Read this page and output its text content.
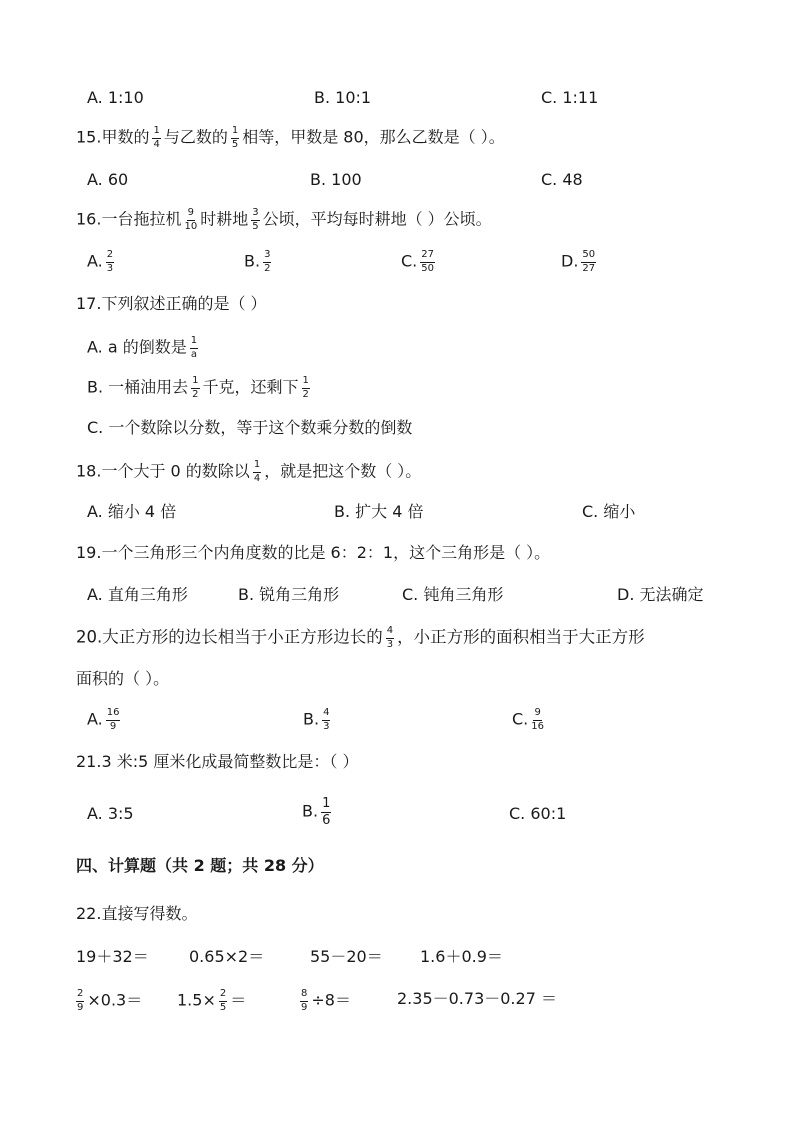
A. 1:10	B. 10:1	C. 1:11
15.甲数的 $\frac{1}{4}$ 与乙数的 $\frac{1}{5}$ 相等，甲数是 80，那么乙数是（ ）。
A. 60	B. 100	C. 48
16.一台拖拉机 $\frac{9}{10}$ 时耕地 $\frac{3}{5}$ 公顷，平均每时耕地（ ）公顷。
A. $\frac{2}{3}$	B. $\frac{3}{2}$	C. $\frac{27}{50}$	D. $\frac{50}{27}$
17.下列叙述正确的是（ ）
A. a 的倒数是 $\frac{1}{a}$
B. 一桶油用去 $\frac{1}{2}$ 千克，还剩下 $\frac{1}{2}$
C. 一个数除以分数，等于这个数乘分数的倒数
18.一个大于 0 的数除以 $\frac{1}{4}$ ，就是把这个数（ ）。
A. 缩小 4 倍	B. 扩大 4 倍	C. 缩小
19.一个三角形三个内角度数的比是 6：2：1，这个三角形是（ ）。
A. 直角三角形	B. 锐角三角形	C. 钝角三角形	D. 无法确定
20.大正方形的边长相当于小正方形边长的 $\frac{4}{3}$ ，小正方形的面积相当于大正方形
面积的（ ）。
A. $\frac{16}{9}$	B. $\frac{4}{3}$	C. $\frac{9}{16}$
21.3 米:5 厘米化成最简整数比是：（ ）
A. 3:5	B. $\frac{1}{6}$	C. 60:1
四、计算题（共 2 题；共 28 分）
22.直接写得数。
19＋32＝	0.65×2＝	55－20＝ 1.6＋0.9＝
$\frac{2}{9} \times 0.3= 1.5\times \frac{2}{5}$ ＝	$\frac{8}{9} \div 8=$	2.35－0.73－0.27 ＝
